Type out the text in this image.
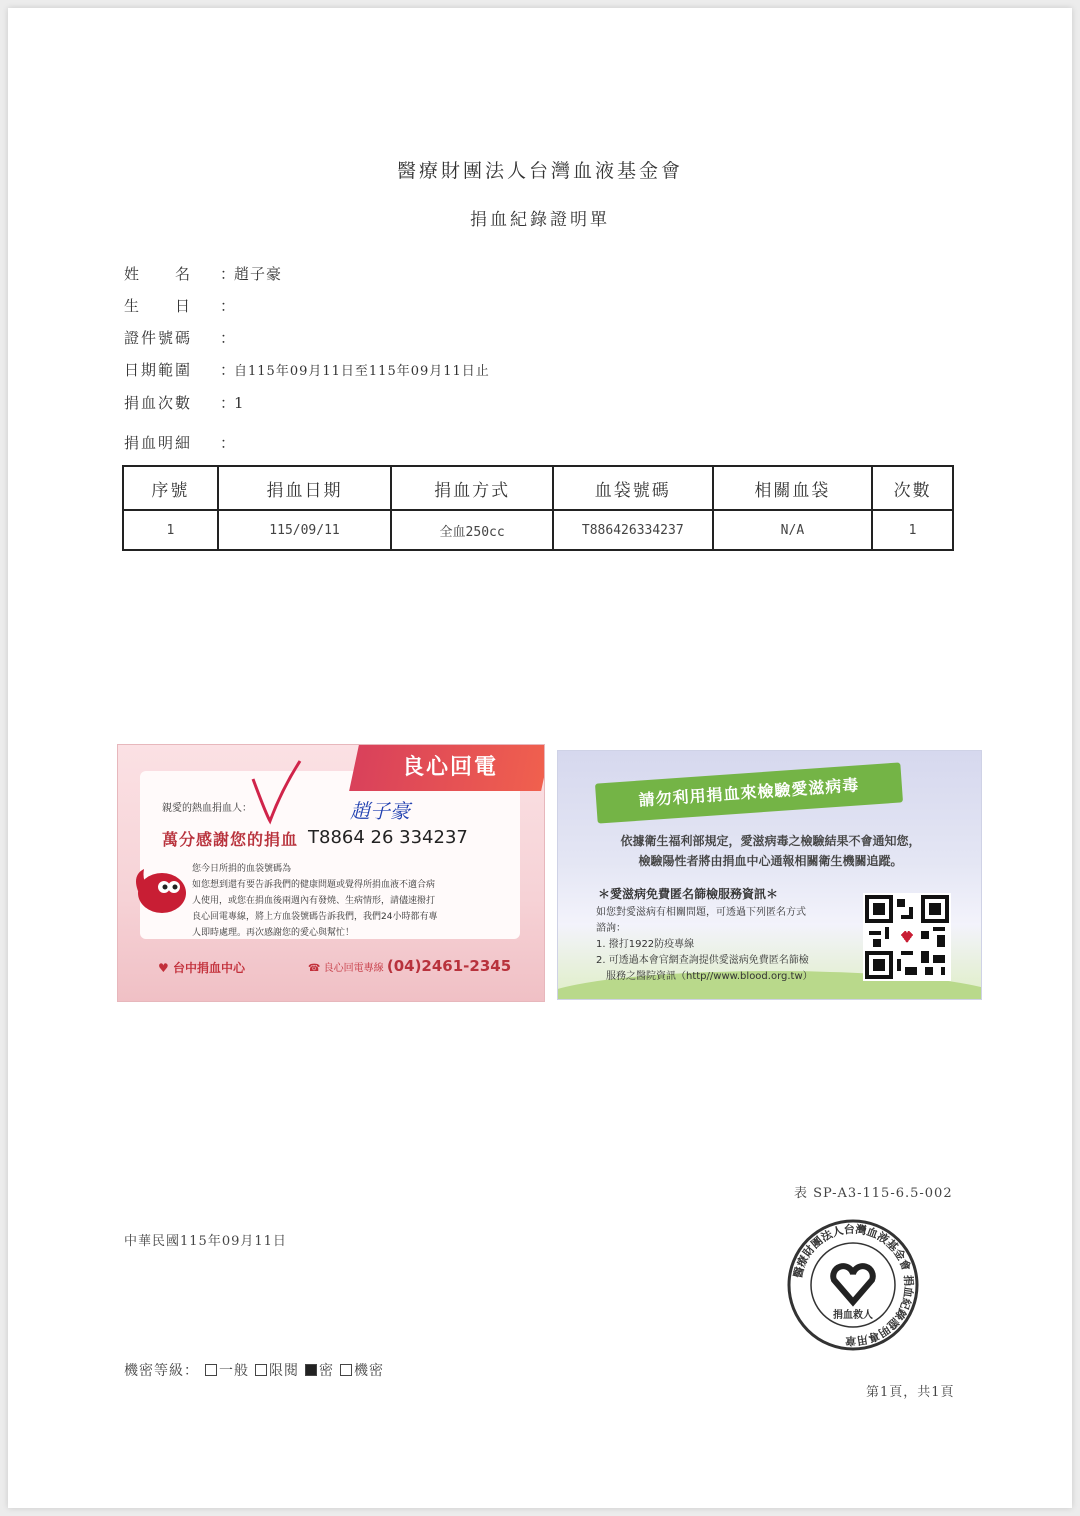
醫療財團法人台灣血液基金會
捐血紀錄證明單
姓　　名 ：趙子豪
生　　日 ：
證件號碼 ：
日期範圍 ：自115年09月11日至115年09月11日止
捐血次數 ：1
捐血明細 ：
序號	捐血日期	捐血方式	血袋號碼	相關血袋	次數
1	115/09/11	全血250cc	T886426334237	N/A	1
良心回電
親愛的熱血捐血人：	趙子豪
萬分感謝您的捐血 T8864 26 334237
您今日所捐的血袋號碼為
如您想到還有要告訴我們的健康問題或覺得所捐血液不適合病
人使用，或您在捐血後兩週內有發燒、生病情形，請儘速撥打
良心回電專線，將上方血袋號碼告訴我們，我們24小時都有專
人即時處理。再次感謝您的愛心與幫忙！
♥ 台中捐血中心	☎ 良心回電專線 (04)2461-2345
請勿利用捐血來檢驗愛滋病毒
依據衛生福利部規定，愛滋病毒之檢驗結果不會通知您，
檢驗陽性者將由捐血中心通報相關衛生機關追蹤。
＊愛滋病免費匿名篩檢服務資訊＊
如您對愛滋病有相關問題，可透過下列匿名方式
諮詢：
1. 撥打1922防疫專線
2. 可透過本會官網查詢提供愛滋病免費匿名篩檢
　服務之醫院資訊（http//www.blood.org.tw）
表 SP-A3-115-6.5-002
中華民國115年09月11日
醫療財團法人台灣血液基金會 捐血紀錄證明專用章
捐血救人
機密等級： 一般 限閱 密 機密
第1頁，共1頁
